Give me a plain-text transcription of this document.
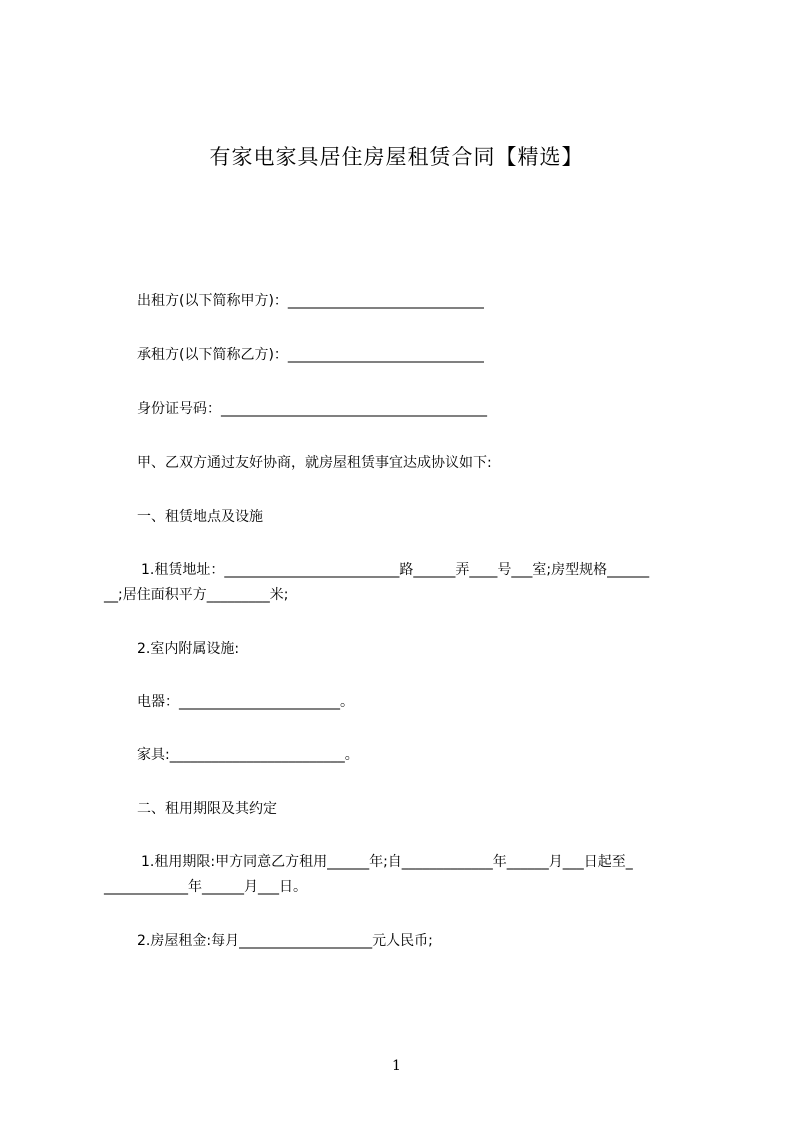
有家电家具居住房屋租赁合同【精选】

出租方(以下简称甲方)：____________________________

承租方(以下简称乙方)：____________________________

身份证号码：______________________________________

甲、乙双方通过友好协商，就房屋租赁事宜达成协议如下:

一、租赁地点及设施

1.租赁地址：_________________________路______弄____号___室;房型规格______

__;居住面积平方_________米;

2.室内附属设施:

电器：_______________________。

家具:_________________________。

二、租用期限及其约定

1.租用期限:甲方同意乙方租用______年;自_____________年______月___日起至_

____________年______月___日。

2.房屋租金:每月___________________元人民币;

1
